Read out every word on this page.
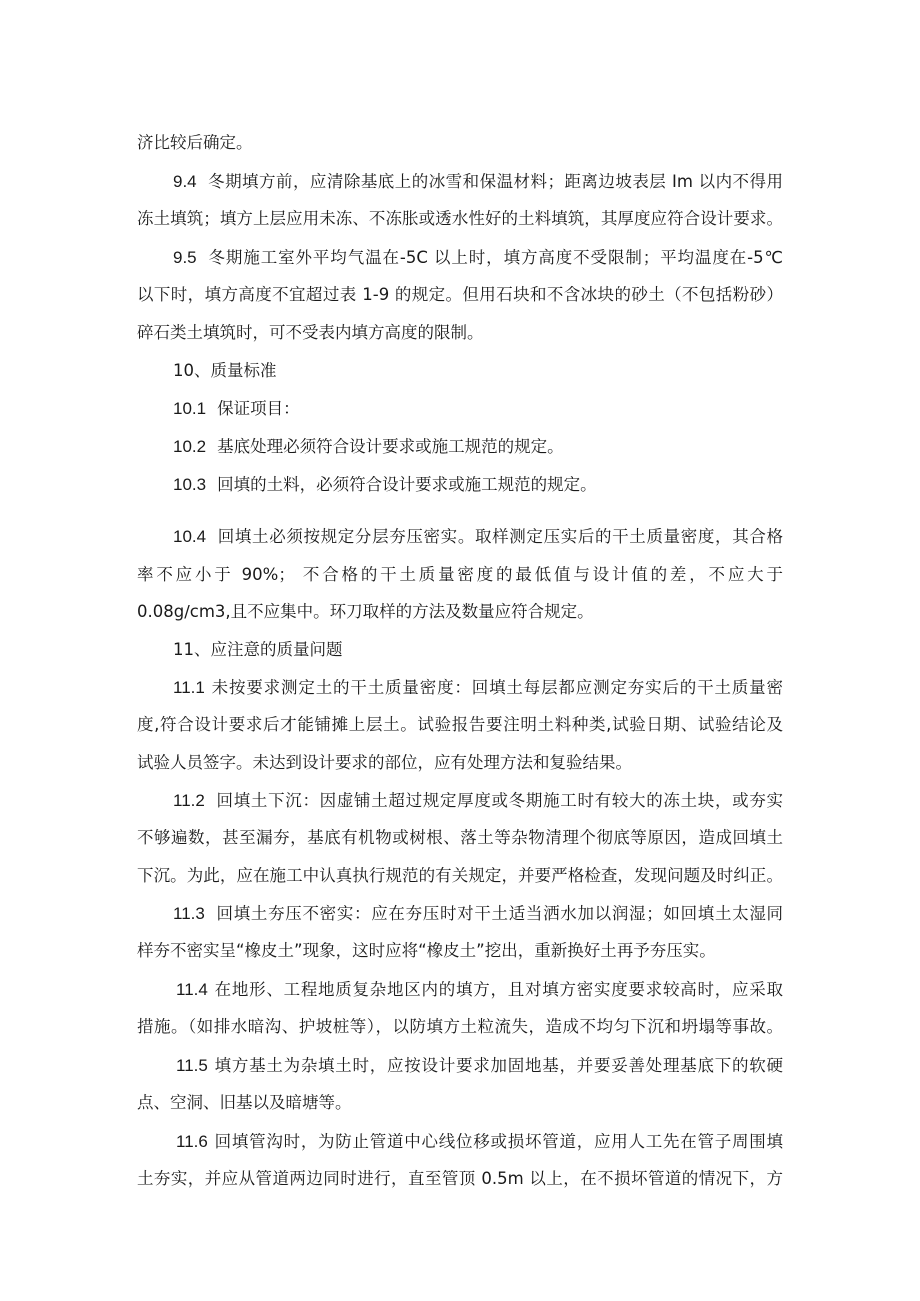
济比较后确定。
9.4 冬期填方前，应清除基底上的冰雪和保温材料；距离边坡表层 Im 以内不得用
冻土填筑；填方上层应用未冻、不冻胀或透水性好的土料填筑，其厚度应符合设计要求。
9.5 冬期施工室外平均气温在-5C 以上时，填方高度不受限制；平均温度在-5℃
以下时，填方高度不宜超过表 1-9 的规定。但用石块和不含冰块的砂土（不包括粉砂）
碎石类土填筑时，可不受表内填方高度的限制。
10、质量标准
10.1 保证项目：
10.2 基底处理必须符合设计要求或施工规范的规定。
10.3 回填的土料，必须符合设计要求或施工规范的规定。
10.4 回填土必须按规定分层夯压密实。取样测定压实后的干土质量密度，其合格
率不应小于 90%； 不合格的干土质量密度的最低值与设计值的差，不应大于
0.08g∕cm3,且不应集中。环刀取样的方法及数量应符合规定。
11、应注意的质量问题
11.1 未按要求测定土的干土质量密度：回填土每层都应测定夯实后的干土质量密
度,符合设计要求后才能铺摊上层土。试验报告要注明土料种类,试验日期、试验结论及
试验人员签字。未达到设计要求的部位，应有处理方法和复验结果。
11.2 回填土下沉：因虚铺土超过规定厚度或冬期施工时有较大的冻土块，或夯实
不够遍数，甚至漏夯，基底有机物或树根、落土等杂物清理个彻底等原因，造成回填土
下沉。为此，应在施工中认真执行规范的有关规定，并要严格检查，发现问题及时纠正。
11.3 回填土夯压不密实：应在夯压时对干土适当洒水加以润湿；如回填土太湿同
样夯不密实呈“橡皮土”现象，这时应将“橡皮土”挖出，重新换好土再予夯压实。
11.4 在地形、工程地质复杂地区内的填方，且对填方密实度要求较高时，应采取
措施。（如排水暗沟、护坡桩等），以防填方土粒流失，造成不均匀下沉和坍塌等事故。
11.5 填方基土为杂填土时，应按设计要求加固地基，并要妥善处理基底下的软硬
点、空洞、旧基以及暗塘等。
11.6 回填管沟时，为防止管道中心线位移或损坏管道，应用人工先在管子周围填
土夯实，并应从管道两边同时进行，直至管顶 0.5m 以上，在不损坏管道的情况下，方
